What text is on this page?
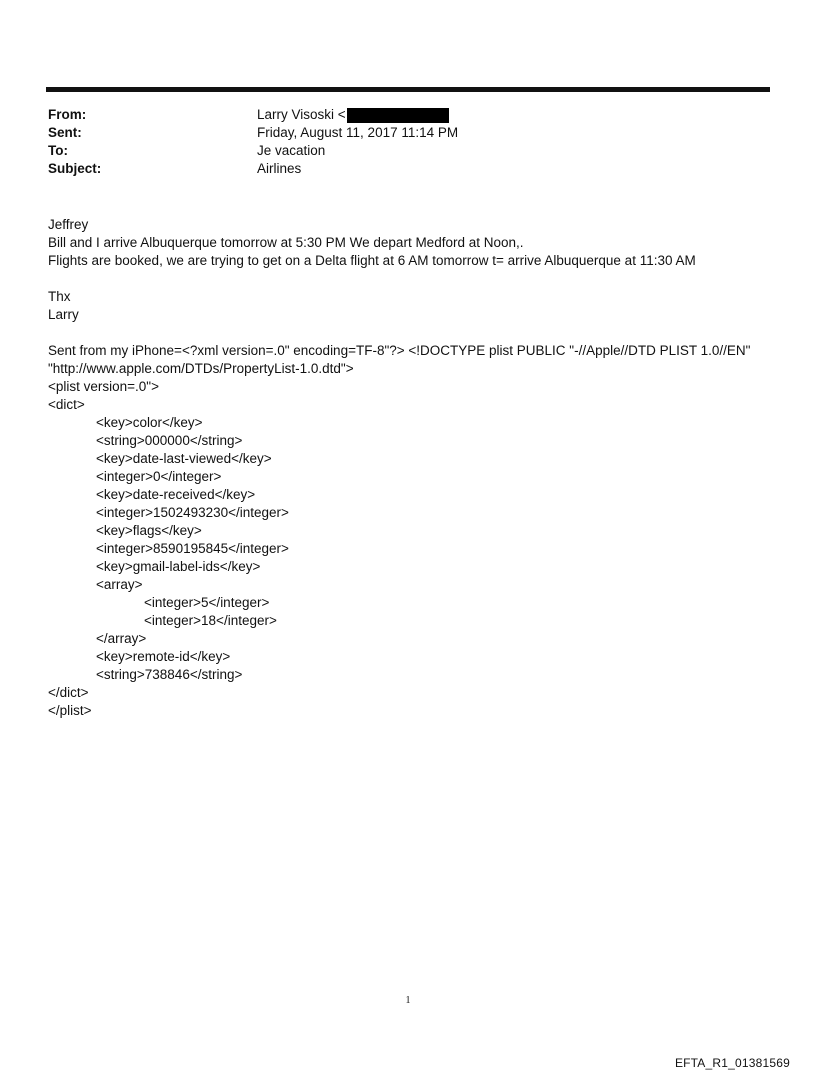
From:	Larry Visoski <
Sent:	Friday, August 11, 2017 11:14 PM
To:	Je vacation
Subject:	Airlines
Jeffrey
Bill and I arrive Albuquerque tomorrow at 5:30 PM We depart Medford at Noon,.
Flights are booked, we are trying to get on a Delta flight at 6 AM tomorrow t= arrive Albuquerque at 11:30 AM
Thx
Larry
Sent from my iPhone=<?xml version=.0" encoding=TF-8"?> <!DOCTYPE plist PUBLIC "-//Apple//DTD PLIST 1.0//EN"
"http://www.apple.com/DTDs/PropertyList-1.0.dtd">
<plist version=.0">
<dict>
<key>color</key>
<string>000000</string>
<key>date-last-viewed</key>
<integer>0</integer>
<key>date-received</key>
<integer>1502493230</integer>
<key>flags</key>
<integer>8590195845</integer>
<key>gmail-label-ids</key>
<array>
<integer>5</integer>
<integer>18</integer>
</array>
<key>remote-id</key>
<string>738846</string>
</dict>
</plist>
1
EFTA_R1_01381569
